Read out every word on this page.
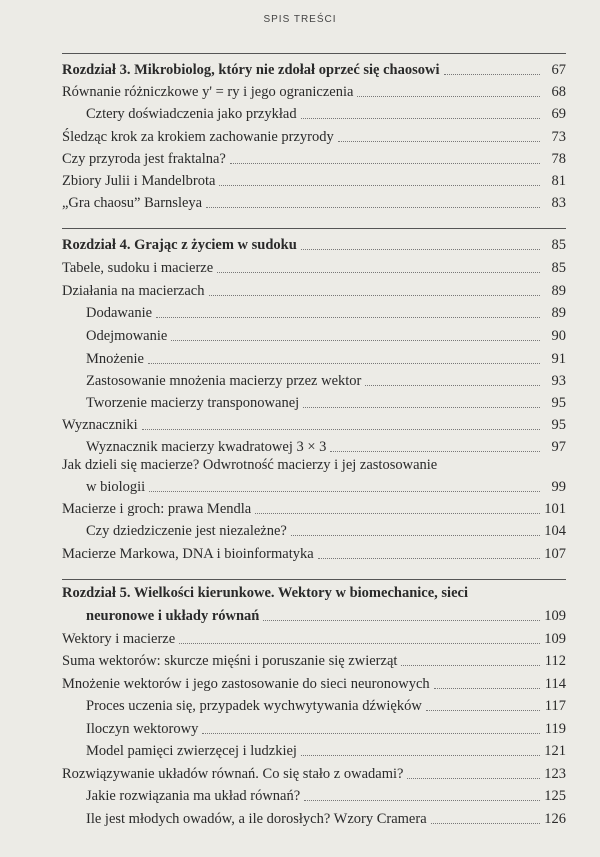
SPIS TREŚCI
Rozdział 3. Mikrobiolog, który nie zdołał oprzeć się chaosowi	67
Równanie różniczkowe y' = ry i jego ograniczenia	68
Cztery doświadczenia jako przykład	69
Śledząc krok za krokiem zachowanie przyrody	73
Czy przyroda jest fraktalna?	78
Zbiory Julii i Mandelbrota	81
„Gra chaosu” Barnsleya	83
Rozdział 4. Grając z życiem w sudoku	85
Tabele, sudoku i macierze	85
Działania na macierzach	89
Dodawanie	89
Odejmowanie	90
Mnożenie	91
Zastosowanie mnożenia macierzy przez wektor	93
Tworzenie macierzy transponowanej	95
Wyznaczniki	95
Wyznacznik macierzy kwadratowej 3 × 3	97
Jak dzieli się macierze? Odwrotność macierzy i jej zastosowanie
w biologii	99
Macierze i groch: prawa Mendla	101
Czy dziedziczenie jest niezależne?	104
Macierze Markowa, DNA i bioinformatyka	107
Rozdział 5. Wielkości kierunkowe. Wektory w biomechanice, sieci
neuronowe i układy równań	109
Wektory i macierze	109
Suma wektorów: skurcze mięśni i poruszanie się zwierząt	112
Mnożenie wektorów i jego zastosowanie do sieci neuronowych	114
Proces uczenia się, przypadek wychwytywania dźwięków	117
Iloczyn wektorowy	119
Model pamięci zwierzęcej i ludzkiej	121
Rozwiązywanie układów równań. Co się stało z owadami?	123
Jakie rozwiązania ma układ równań?	125
Ile jest młodych owadów, a ile dorosłych? Wzory Cramera	126
